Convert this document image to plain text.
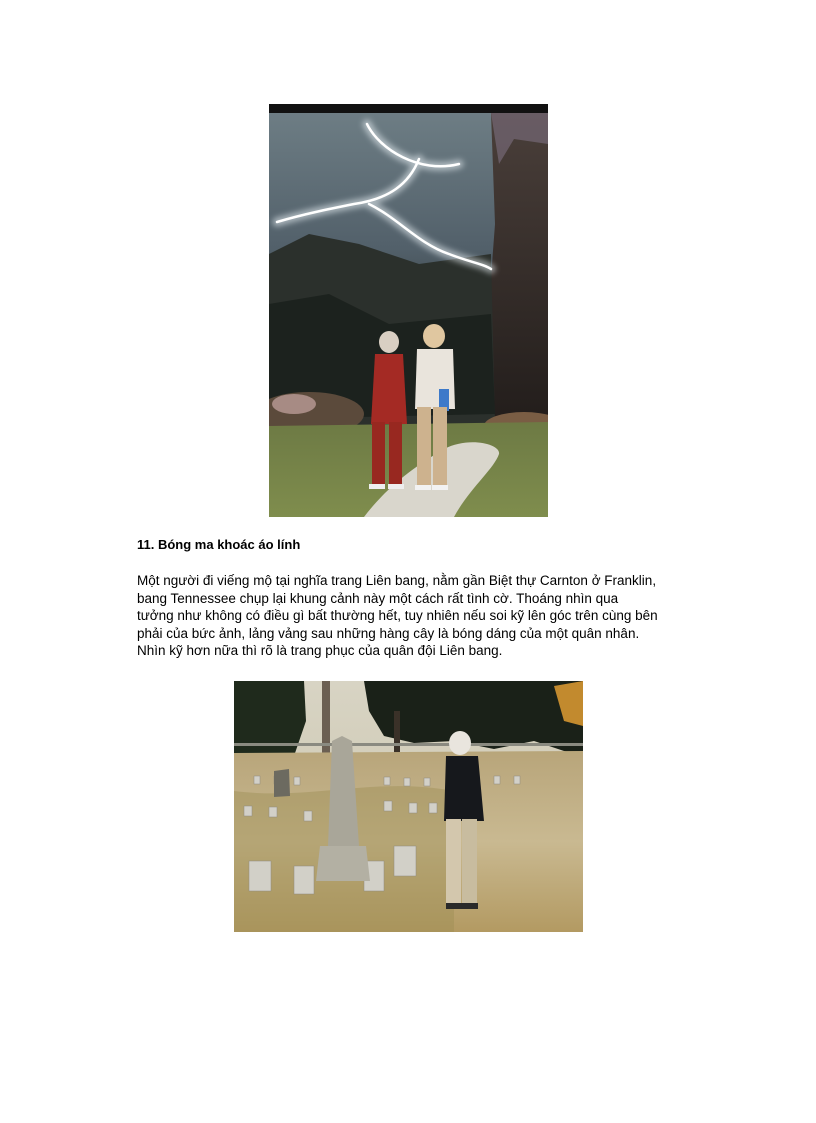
11. Bóng ma khoác áo lính

Một người đi viếng mộ tại nghĩa trang Liên bang, nằm gần Biệt thự Carnton ở Franklin,
bang Tennessee chụp lại khung cảnh này một cách rất tình cờ. Thoáng nhìn qua
tưởng như không có điều gì bất thường hết, tuy nhiên nếu soi kỹ lên góc trên cùng bên
phải của bức ảnh, lảng vảng sau những hàng cây là bóng dáng của một quân nhân.
Nhìn kỹ hơn nữa thì rõ là trang phục của quân đội Liên bang.
